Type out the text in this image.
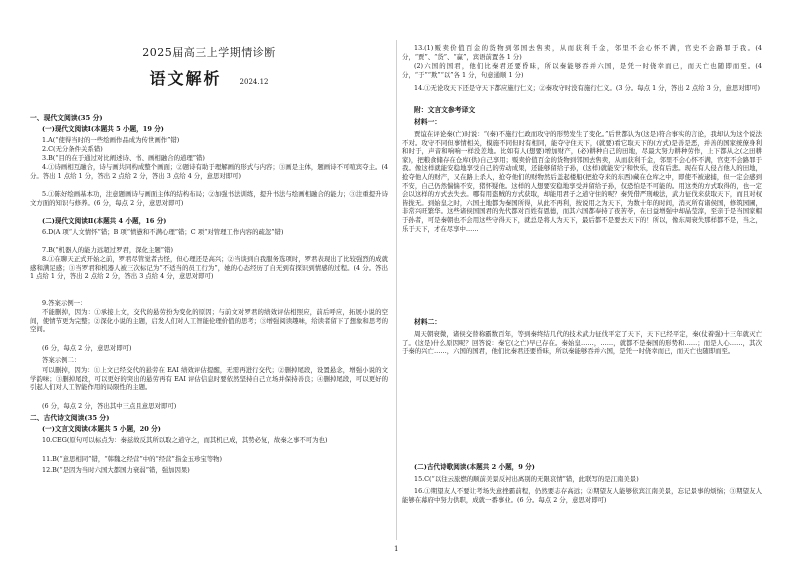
2025届高三上学期情诊断
语文解析	2024.12
一、现代文阅读(35 分)
(一)现代文阅读Ⅰ(本题共 5 小题，19 分)
1.A(“使得当时的一些绘画作品成为传世画作”错)
2.C(无分条件关系错)
3.B(“目的在于通过对比阐述诗、书、画相融合的道理”错)
4.①诗画相互融合，诗与画共同构成整个画面；②题诗有助于理解画的形式与内容；③画是主体，题画诗不可喧宾夺主。(4 分。答出 1 点给 1 分，答出 2 点给 2 分，答出 3 点给 4 分，意思对即可)
5.①陈好绘画基本功，注意题画诗与画面主体的结构布局；②加强书法训练，提升书法与绘画相融合的能力；③注重提升诗文方面的知识与修养。(6 分，每点 2 分，意思对即可)
(二)现代文阅读Ⅱ(本题共 4 小题，16 分)
6.D(A 项“人文情怀”错；B 项“愤懑和不满心理”错；C 项“对管理工作内容的疏忽”错)
7.B(“机器人的能力远超过罗君，深化主题”错)
8.①在聊天正式开始之前，罗君尽管觉者古怪，但心理还是高兴；②当谈到自我服务选项时，罗君表现出了比较强烈的成就感和满足感；③当罗君和机器人被三次标记为“不适当的员工行为”，她的心态经历了自无到有探识到情感的过程。(4 分。答出 1 点给 1 分，答出 2 点给 2 分，答出 3 点给 4 分，意思对即可)
9.答案示例一：
不能删掉，因为：①承接上文，交代的悬劳扮为变化的原因；与前文对罗君的绩效评估相照应，前后呼应，拓展小说的空间，使情节更为完整；②深化小说的主题，启发人们对人工智能伦理价值的思考；③增强阅读趣味，给读者留下了想象和思考的空间。
(6 分，每点 2 分，意思对即可)
答案示例二：
可以删掉，因为：①上文已经交代的悬劳在 EAI 绩效评估提醒，无需再进行交代；②删掉尾段，设置悬念，增强小说的文学韵味；③删掉尾段，可以更好的突出的悬劳再有 EAI 评估信息时要依然坚持自己立场并保持善良；④删掉尾段，可以更好的引起人们对人工智能作用的局限性的主题。
(6 分，每点 2 分，答出其中三点且意思对即可)
二、古代诗文阅读(35 分)
(一)文言文阅读(本题共 5 小题，20 分)
10.CEG(原句可以标点为：秦兹故反其所以取之道守之，而其机已成，其势必复，故秦之事不可为也)
11.B(“意思相同”错，“韩魏之经营”中的“经营”指金玉珍宝等物)
12.B(“是因为当时六国大都国力衰弱”错，强加因果)
13.(1)贩卖价值百金的货物到邻国去售卖，从而获利千金，邻里不会心怀不满，官史不会路罪于我。(4 分，“贾”、“货”、“赢”，宾语前置各 1 分)
(2)六国的国君，他们比秦君还要昏昧，所以秦能够吞并六国，是凭一时侥幸而已，而天亡也随即而至。(4 分，“于”“欺”“以”各 1 分，句意通顺 1 分)
14.①无论攻天下还是守天下都应施行仁义；②秦攻守时没有施行仁义。(3 分。每点 1 分，答出 2 点给 3 分，意思对即可)
附：文言文参考译文
材料一：
贾谊在评论秦(亡)时说：“(秦)不施行仁政而攻守的形势发生了变化。”后世都认为(这是)符合事实的言论，我却认为这个说法不对。攻守不同但事情相关，模施不同但时有相同，能夺守住天下，(就要)看它取天下的(方式)是善是恶，并善的国家统僚身利和时于，声音和响响一样没差地。比如有人(想要)增加财产，(必)耕种自己的田地，尽最大努力耕种劳作，上下都从之(之田耕家)，把粮食储存在仓库(供)自己享用；贩卖价值百金的货物到邻国去售卖，从而获利千金，邻里不会心怀不满，官吏不会路罪于我。像这样就能安稳地享受自己的劳动成果，还能够留给子孙，(这样)就能安宁和快乐，没有后悲。现在有人侵占他人的田地，抢夺他人的财产，又在路上杀人，抢夺他们的财物然后盖起楼船(把抢夺来的东西)藏在仓库之中，即使不被逮捕，但一定会感到不安，自己仍然惴惴不安，猪怀疑他。这样的人想要安稳地享受并留给子孙，仅恐怕是不可能的。用这类的方式取得的，也一定会以这样的方式去失去。哪有用盗贼的方式获取，却能用君子之道守住的呢？秦凭借严刑峻法，武力征伐来获取天下，而且对权皆拢无。到始皇之时，六国土地都为秦国所得，从此不再利，按说用之为天下，为数十年的时间，消灭所有诸侯国，修筑园圃，非常兴旺繁华。这些诸侯国国君的先代都对百姓有恩德，而其六国都奉持了夜苦苓，在日益增强中却晶莹淳，至亲于是当国家帽于孙者，可是秦朝也不会用这些守得天下，就总是将人为天下，最后都不是要去天下的！所以，像东周衰失那样都不是，当之，乐于天下，才在尽享中……
材料二：
周天朝衰微，诸侯交替称霸数百年，等到秦终结几代的技术武力征伐平定了天下，天下已经平定，秦(仗着强)十三年就灭亡了。(这是)什么原因呢？回答说：秦它(之亡)早已存在。秦始皇……，……，就都不是秦国的形势和……；而是人心……，其次于秦的兴亡……，六国的国君，他们比秦君还要昏昧，所以秦能够吞并六国，是凭一时侥幸而已，而天亡也随即而至。
(二)古代诗歌阅读(本题共 2 小题，9 分)
15.C(“以往云旅燃的顺前美景反衬出离别的无限哀情”错，此联写的是江南美景)
16.①期望友人不要让考场失意挫霸前程，仍然要志存高远；②期望友人能够依宾江南美景，忘记景事的烦恼；③期望友人能够在幕府中努力供职，成就一番事业。(6 分。每点 2 分，意思对即可)
1
